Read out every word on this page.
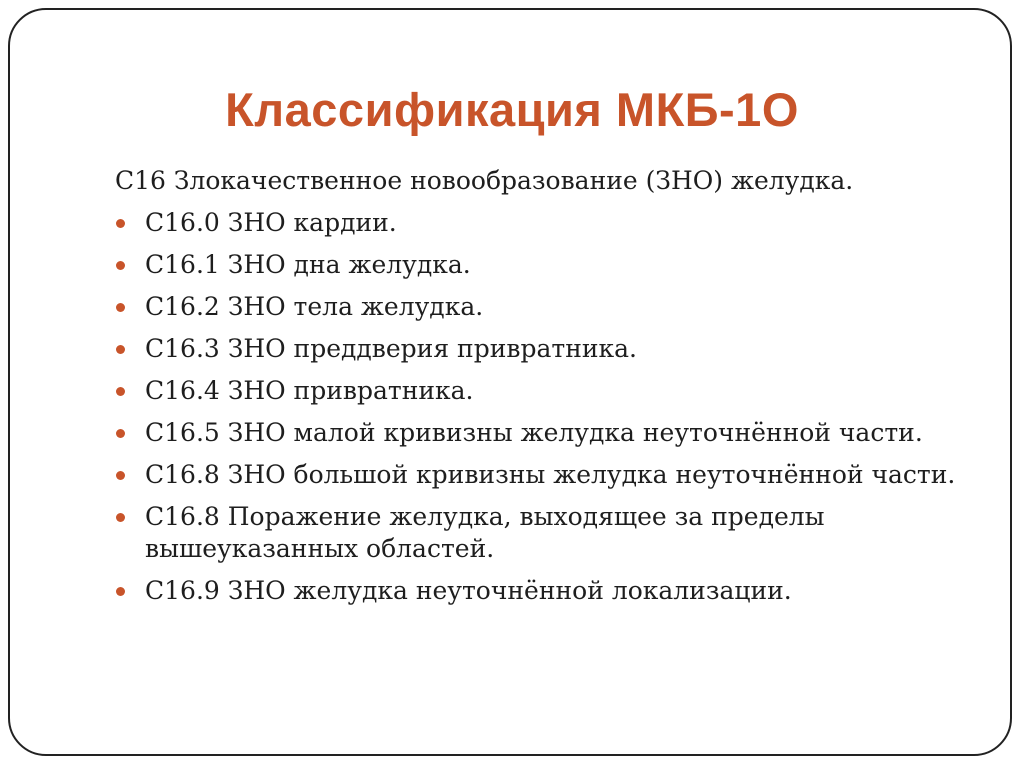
Классификация МКБ-1О
C16 Злокачественное новообразование (ЗНО) желудка.
C16.0 ЗНО кардии.
C16.1 ЗНО дна желудка.
C16.2 ЗНО тела желудка.
C16.3 ЗНО преддверия привратника.
C16.4 ЗНО привратника.
C16.5 ЗНО малой кривизны желудка неуточнённой части.
C16.8 ЗНО большой кривизны желудка неуточнённой части.
C16.8 Поражение желудка, выходящее за пределы вышеуказанных областей.
C16.9 ЗНО желудка неуточнённой локализации.
